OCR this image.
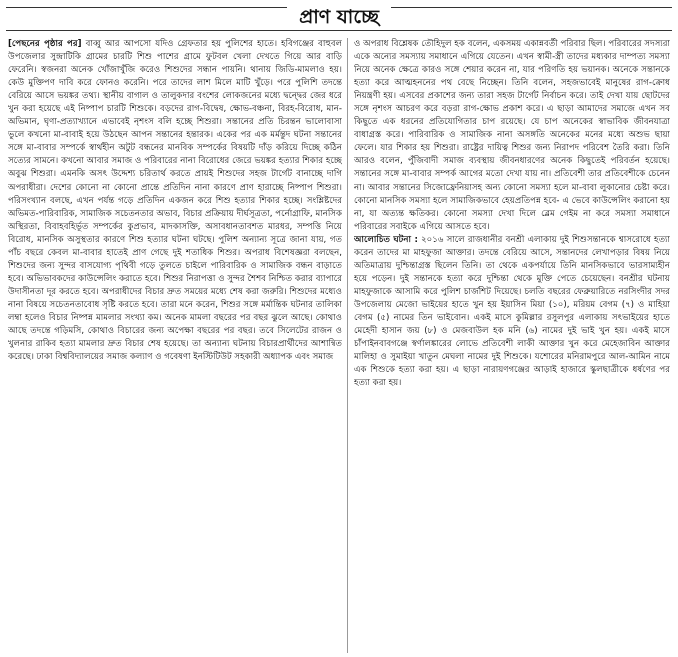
প্রাণ যাচ্ছে

[পেছনের পৃষ্ঠার পর] বাব্বু আর আপসো যদিও গ্রেফতার হয় পুলিশের হাতে। হবিগঞ্জের বাহুবল উপজেলার সুন্দ্রাটিকি গ্রামের চারটি শিশু পাশের গ্রামে ফুটবল খেলা দেখতে গিয়ে আর বাড়ি ফেরেনি। স্বজনরা অনেক খোঁজাখুঁজি করেও শিশুদের সন্ধান পায়নি। থানায় জিডি-মামলাও হয়। কেউ মুক্তিপণ দাবি করে ফোনও করেনি। পরে তাদের লাশ মিলে মাটি খুঁড়ে। পরে পুলিশি তদন্তে বেরিয়ে আসে ভয়ঙ্কর তথ্য। স্থানীয় বাগাল ও তালুকদার বংশের লোকজনের মধ্যে দ্বন্দ্বের জের ধরে খুন করা হয়েছে এই নিষ্পাপ চারটি শিশুকে। বড়দের রাগ-বিদ্বেষ, ক্ষোভ-বঞ্চনা, বিরহ-বিরোধ, মান-অভিমান, ঘৃণা-প্রত্যাখ্যানে এভাবেই নৃশংস বলি হচ্ছে শিশুরা। সন্তানের প্রতি চিরন্তন ভালোবাসা ভুলে কখনো মা-বাবাই হয়ে উঠছেন আপন সন্তানের হন্তারক। একের পর এক মর্মন্তুদ ঘটনা সন্তানের সঙ্গে মা-বাবার সম্পর্কে স্বার্থহীন অটুট বন্ধনের মানবিক সম্পর্কের বিষয়টি দাঁড় করিয়ে দিচ্ছে কঠিন সত্যের সামনে। কখনো আবার সমাজ ও পরিবারের নানা বিরোধের জেরে ভয়ঙ্কর হত্যার শিকার হচ্ছে অবুঝ শিশুরা। এমনকি অসৎ উদ্দেশ্য চরিতার্থ করতে প্রায়ই শিশুদের সহজ টার্গেট বানাচ্ছে দাগি অপরাধীরা। দেশের কোনো না কোনো প্রান্তে প্রতিদিন নানা কারণে প্রাণ হারাচ্ছে নিষ্পাপ শিশুরা। পরিসংখ্যান বলছে, এখন পর্যন্ত গড়ে প্রতিদিন একজন করে শিশু হত্যার শিকার হচ্ছে। সংশ্লিষ্টদের অভিমত-পারিবারিক, সামাজিক সচেতনতার অভাব, বিচার প্রক্রিয়ায় দীর্ঘসূত্রতা, পর্নোগ্রাফি, মানসিক অস্থিরতা, বিবাহবহির্ভূত সম্পর্কের কুপ্রভাব, মাদকাসক্তি, অসাবধানতাবশত মারধর, সম্পত্তি নিয়ে বিরোধ, মানসিক অসুস্থতার কারণে শিশু হত্যার ঘটনা ঘটছে। পুলিশ অন্যান্য সূত্রে জানা যায়, গত পাঁচ বছরে কেবল মা-বাবার হাতেই প্রাণ গেছে দুই শতাধিক শিশুর। অপরাধ বিশেষজ্ঞরা বলছেন, শিশুদের জন্য সুন্দর বাসযোগ্য পৃথিবী গড়ে তুলতে চাইলে পারিবারিক ও সামাজিক বন্ধন বাড়াতে হবে। অভিভাবকদের কাউন্সেলিং করাতে হবে। শিশুর নিরাপত্তা ও সুন্দর শৈশব নিশ্চিত করার ব্যাপারে উদাসীনতা দূর করতে হবে। অপরাধীদের বিচার দ্রুত সময়ের মধ্যে শেষ করা জরুরি। শিশুদের মধ্যেও নানা বিষয়ে সচেতনতাবোধ সৃষ্টি করতে হবে। তারা মনে করেন, শিশুর সঙ্গে মর্মান্তিক ঘটনার তালিকা লম্বা হলেও বিচার নিষ্পন্ন মামলার সংখ্যা কম। অনেক মামলা বছরের পর বছর ঝুলে আছে। কোথাও আছে তদন্তে গড়িমসি, কোথাও বিচারের জন্য অপেক্ষা বছরের পর বছর। তবে সিলেটের রাজন ও খুলনার রাকিব হত্যা মামলার দ্রুত বিচার শেষ হয়েছে। তা অন্যান্য ঘটনায় বিচারপ্রার্থীদের আশান্বিত করেছে। ঢাকা বিশ্ববিদ্যালয়ের সমাজ কল্যাণ ও গবেষণা ইনস্টিটিউট সহকারী অধ্যাপক এবং সমাজ

ও অপরাধ বিশ্লেষক তৌহিদুল হক বলেন, একসময় একান্নবর্তী পরিবার ছিল। পরিবারের সদস্যরা একে অন্যের সমস্যায় সমাধানে এগিয়ে যেতেন। এখন স্বামী-স্ত্রী তাদের মধ্যকার দাম্পত্য সমস্যা নিয়ে অনেক ক্ষেত্রে কারও সঙ্গে শেয়ার করেন না, যার পরিণতি হয় ভয়ানক। অনেকে সন্তানকে হত্যা করে আত্মহননের পথ বেছে নিচ্ছেন। তিনি বলেন, সহজভাবেই মানুষের রাগ-ক্রোধ নিয়ন্ত্রণী হয়। এসবের প্রকাশের জন্য তারা সহজ টার্গেট নির্বাচন করে। তাই দেখা যায় ছোটদের সঙ্গে নৃশংস আচরণ করে বড়রা রাগ-ক্ষোভ প্রকাশ করে। এ ছাড়া আমাদের সমাজে এখন সব কিছুতে এক ধরনের প্রতিযোগিতার চাপ রয়েছে। যে চাপ অনেকের স্বাভাবিক জীবনযাত্রা বাধাগ্রস্ত করে। পারিবারিক ও সামাজিক নানা অসঙ্গতি অনেকের মনের মধ্যে অশুভ ছায়া ফেলে। যার শিকার হয় শিশুরা। রাষ্ট্রের দায়িত্ব শিশুর জন্য নিরাপদ পরিবেশ তৈরি করা। তিনি আরও বলেন, পুঁজিবাদী সমাজ ব্যবস্থায় জীবনধারণের অনেক কিছুতেই পরিবর্তন হয়েছে। সন্তানের সঙ্গে মা-বাবার সম্পর্ক আগের মতো দেখা যায় না। প্রতিবেশী তার প্রতিবেশীকে চেনেন না। আবার সন্তানের সিজোফ্রেনিয়াসহ অন্য কোনো সমস্যা হলে মা-বাবা লুকানোর চেষ্টা করে। কোনো মানসিক সমস্যা হলে সামাজিকভাবে হেয়প্রতিপন্ন হবে- এ ভেবে কাউন্সেলিং করানো হয় না, যা অত্যন্ত ক্ষতিকর। কোনো সমস্যা দেখা দিলে ব্লেম গেইম না করে সমস্যা সমাধানে পরিবারের সবাইকে এগিয়ে আসতে হবে।

আলোচিত ঘটনা : ২০১৬ সালে রাজধানীর বনশ্রী এলাকায় দুই শিশুসন্তানকে শ্বাসরোধে হত্যা করেন তাদের মা মাহফুজা আক্তার। তদন্তে বেরিয়ে আসে, সন্তানদের লেখাপড়ার বিষয় নিয়ে অতিমাত্রায় দুশ্চিন্তাগ্রস্ত ছিলেন তিনি। তা থেকে একপর্যায়ে তিনি মানসিকভাবে ভারসাম্যহীন হয়ে পড়েন। দুই সন্তানকে হত্যা করে দুশ্চিন্তা থেকে মুক্তি পেতে চেয়েছেন। বনশ্রীর ঘটনায় মাহফুজাকে আসামি করে পুলিশ চার্জশিট দিয়েছে। চলতি বছরের ফেব্রুয়ারিতে নরসিংদীর সদর উপজেলায় মেজো ভাইয়ের হাতে খুন হয় ইয়াসিন মিয়া (১০), মরিয়ম বেগম (৭) ও মাহিয়া বেগম (৫) নামের তিন ভাইবোন। একই মাসে কুমিল্লার রসুলপুর এলাকায় সৎভাইয়ের হাতে মেহেদী হাসান জয় (৮) ও মেজবাউল হক মনি (৬) নামের দুই ভাই খুন হয়। একই মাসে চাঁপাইনবাবগঞ্জে স্বর্ণালঙ্কারের লোভে প্রতিবেশী লাকী আক্তার খুন করে মেহেজাবিন আক্তার মালিহা ও সুমাইয়া খাতুন মেঘলা নামের দুই শিশুকে। যশোরের মনিরামপুরে আল-আমিন নামে এক শিশুকে হত্যা করা হয়। এ ছাড়া নারায়ণগঞ্জের আড়াই হাজারে স্কুলছাত্রীকে ধর্ষণের পর হত্যা করা হয়।
